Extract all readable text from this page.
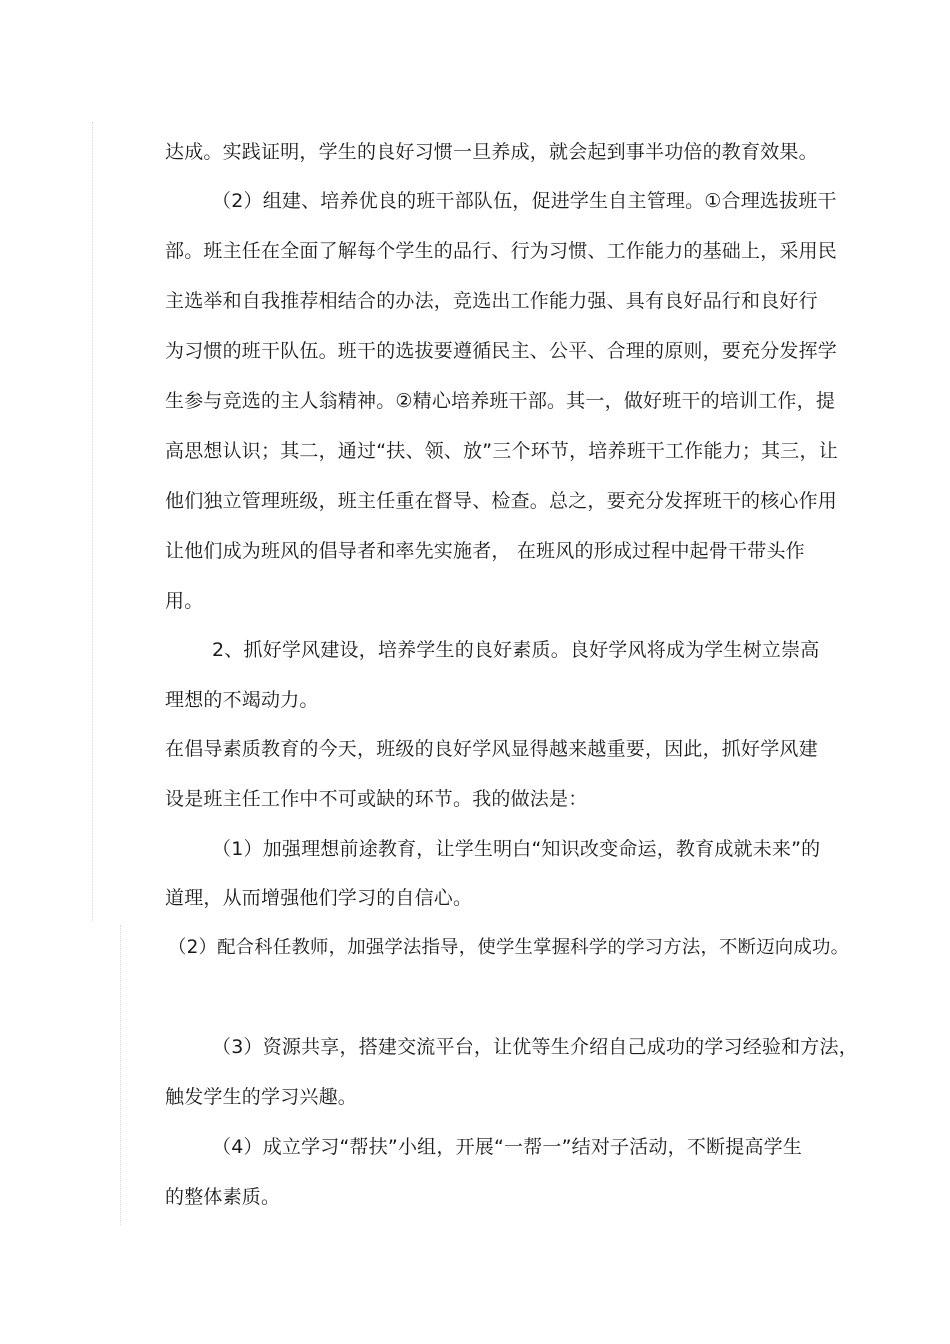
达成。实践证明，学生的良好习惯一旦养成，就会起到事半功倍的教育效果。
（2）组建、培养优良的班干部队伍，促进学生自主管理。①合理选拔班干
部。班主任在全面了解每个学生的品行、行为习惯、工作能力的基础上，采用民
主选举和自我推荐相结合的办法，竞选出工作能力强、具有良好品行和良好行
为习惯的班干队伍。班干的选拔要遵循民主、公平、合理的原则，要充分发挥学
生参与竞选的主人翁精神。②精心培养班干部。其一，做好班干的培训工作，提
高思想认识；其二，通过“扶、领、放”三个环节，培养班干工作能力；其三，让
他们独立管理班级，班主任重在督导、检查。总之，要充分发挥班干的核心作用
让他们成为班风的倡导者和率先实施者， 在班风的形成过程中起骨干带头作
用。
2、抓好学风建设，培养学生的良好素质。良好学风将成为学生树立崇高
理想的不竭动力。
在倡导素质教育的今天，班级的良好学风显得越来越重要，因此，抓好学风建
设是班主任工作中不可或缺的环节。我的做法是：
（1）加强理想前途教育，让学生明白“知识改变命运，教育成就未来”的
道理，从而增强他们学习的自信心。
（2）配合科任教师，加强学法指导，使学生掌握科学的学习方法，不断迈向成功。
（3）资源共享，搭建交流平台，让优等生介绍自己成功的学习经验和方法，
触发学生的学习兴趣。
（4）成立学习“帮扶”小组，开展“一帮一”结对子活动，不断提高学生
的整体素质。
